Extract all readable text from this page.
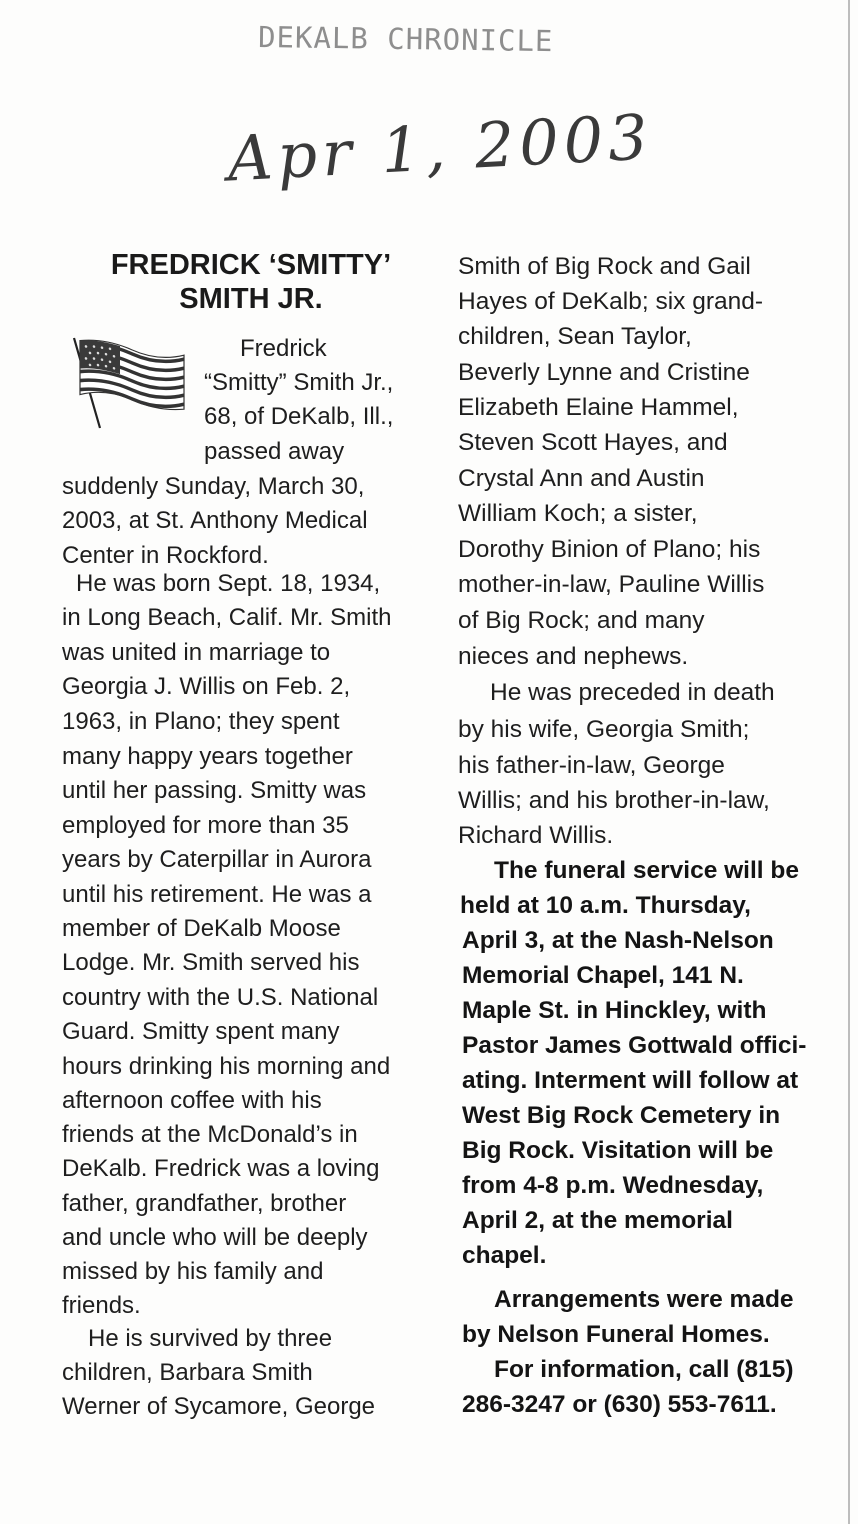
DEKALB CHRONICLE
Apr 1, 2003
FREDRICK ‘SMITTY’
SMITH JR.
Fredrick
“Smitty” Smith Jr.,
68, of DeKalb, Ill.,
passed away
suddenly Sunday, March 30,
2003, at St. Anthony Medical
Center in Rockford.
He was born Sept. 18, 1934,
in Long Beach, Calif. Mr. Smith
was united in marriage to
Georgia J. Willis on Feb. 2,
1963, in Plano; they spent
many happy years together
until her passing. Smitty was
employed for more than 35
years by Caterpillar in Aurora
until his retirement. He was a
member of DeKalb Moose
Lodge. Mr. Smith served his
country with the U.S. National
Guard. Smitty spent many
hours drinking his morning and
afternoon coffee with his
friends at the McDonald’s in
DeKalb. Fredrick was a loving
father, grandfather, brother
and uncle who will be deeply
missed by his family and
friends.
He is survived by three
children, Barbara Smith
Werner of Sycamore, George
Smith of Big Rock and Gail
Hayes of DeKalb; six grand-
children, Sean Taylor,
Beverly Lynne and Cristine
Elizabeth Elaine Hammel,
Steven Scott Hayes, and
Crystal Ann and Austin
William Koch; a sister,
Dorothy Binion of Plano; his
mother-in-law, Pauline Willis
of Big Rock; and many
nieces and nephews.
He was preceded in death
by his wife, Georgia Smith;
his father-in-law, George
Willis; and his brother-in-law,
Richard Willis.
The funeral service will be
held at 10 a.m. Thursday,
April 3, at the Nash-Nelson
Memorial Chapel, 141 N.
Maple St. in Hinckley, with
Pastor James Gottwald offici-
ating. Interment will follow at
West Big Rock Cemetery in
Big Rock. Visitation will be
from 4-8 p.m. Wednesday,
April 2, at the memorial
chapel.
Arrangements were made
by Nelson Funeral Homes.
For information, call (815)
286-3247 or (630) 553-7611.
